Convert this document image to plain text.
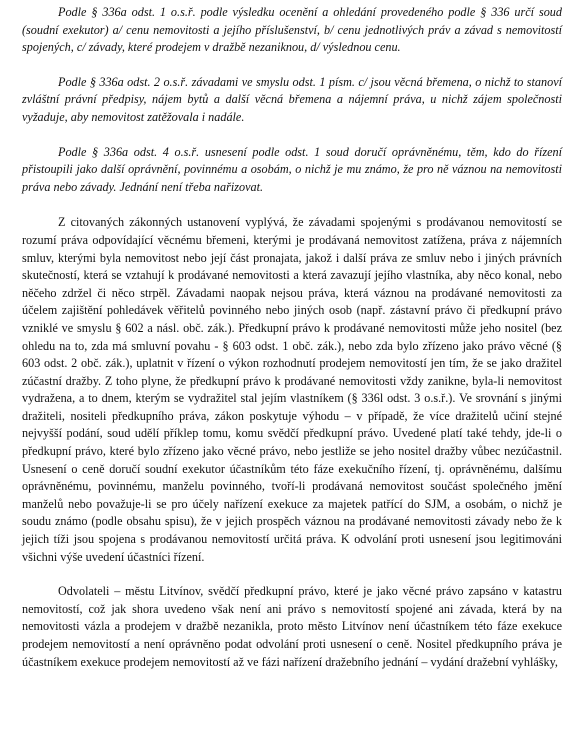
Podle § 336a odst. 1 o.s.ř. podle výsledku ocenění a ohledání provedeného podle § 336 určí soud (soudní exekutor) a/ cenu nemovitosti a jejího příslušenství, b/ cenu jednotlivých práv a závad s nemovitostí spojených, c/ závady, které prodejem v dražbě nezaniknou, d/ výslednou cenu.

Podle § 336a odst. 2 o.s.ř. závadami ve smyslu odst. 1 písm. c/ jsou věcná břemena, o nichž to stanoví zvláštní právní předpisy, nájem bytů a další věcná břemena a nájemní práva, u nichž zájem společnosti vyžaduje, aby nemovitost zatěžovala i nadále.

Podle § 336a odst. 4 o.s.ř. usnesení podle odst. 1 soud doručí oprávněnému, těm, kdo do řízení přistoupili jako další oprávnění, povinnému a osobám, o nichž je mu známo, že pro ně váznou na nemovitosti práva nebo závady. Jednání není třeba nařizovat.

Z citovaných zákonných ustanovení vyplývá, že závadami spojenými s prodávanou nemovitostí se rozumí práva odpovídající věcnému břemeni, kterými je prodávaná nemovitost zatížena, práva z nájemních smluv, kterými byla nemovitost nebo její část pronajata, jakož i další práva ze smluv nebo i jiných právních skutečností, která se vztahují k prodávané nemovitosti a která zavazují jejího vlastníka, aby něco konal, nebo něčeho zdržel či něco strpěl. Závadami naopak nejsou práva, která váznou na prodávané nemovitosti za účelem zajištění pohledávek věřitelů povinného nebo jiných osob (např. zástavní právo či předkupní právo vzniklé ve smyslu § 602 a násl. obč. zák.). Předkupní právo k prodávané nemovitosti může jeho nositel (bez ohledu na to, zda má smluvní povahu - § 603 odst. 1 obč. zák.), nebo zda bylo zřízeno jako právo věcné (§ 603 odst. 2 obč. zák.), uplatnit v řízení o výkon rozhodnutí prodejem nemovitostí jen tím, že se jako dražitel zúčastní dražby. Z toho plyne, že předkupní právo k prodávané nemovitosti vždy zanikne, byla-li nemovitost vydražena, a to dnem, kterým se vydražitel stal jejím vlastníkem (§ 336l odst. 3 o.s.ř.). Ve srovnání s jinými dražiteli, nositeli předkupního práva, zákon poskytuje výhodu – v případě, že více dražitelů učiní stejné nejvyšší podání, soud udělí příklep tomu, komu svědčí předkupní právo. Uvedené platí také tehdy, jde-li o předkupní právo, které bylo zřízeno jako věcné právo, nebo jestliže se jeho nositel dražby vůbec nezúčastnil. Usnesení o ceně doručí soudní exekutor účastníkům této fáze exekučního řízení, tj. oprávněnému, dalšímu oprávněnému, povinnému, manželu povinného, tvoří-li prodávaná nemovitost součást společného jmění manželů nebo považuje-li se pro účely nařízení exekuce za majetek patřící do SJM, a osobám, o nichž je soudu známo (podle obsahu spisu), že v jejich prospěch váznou na prodávané nemovitosti závady nebo že k jejich tíži jsou spojena s prodávanou nemovitostí určitá práva. K odvolání proti usnesení jsou legitimováni všichni výše uvedení účastníci řízení.

Odvolateli – městu Litvínov, svědčí předkupní právo, které je jako věcné právo zapsáno v katastru nemovitostí, což jak shora uvedeno však není ani právo s nemovitostí spojené ani závada, která by na nemovitosti vázla a prodejem v dražbě nezanikla, proto město Litvínov není účastníkem této fáze exekuce prodejem nemovitostí a není oprávněno podat odvolání proti usnesení o ceně. Nositel předkupního práva je účastníkem exekuce prodejem nemovitostí až ve fázi nařízení dražebního jednání – vydání dražební vyhlášky,
